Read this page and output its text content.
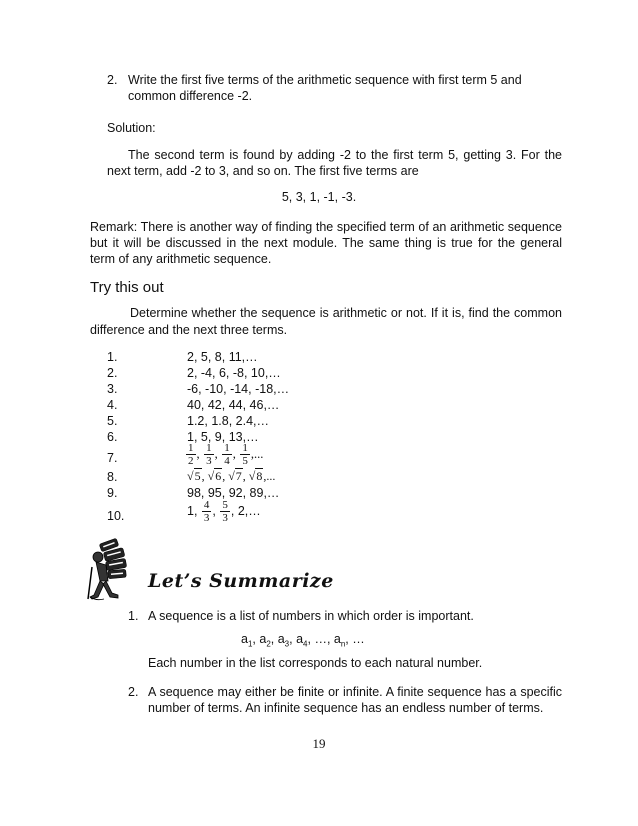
2. Write the first five terms of the arithmetic sequence with first term 5 and
common difference -2.
Solution:
The second term is found by adding -2 to the first term 5, getting 3. For the
next term, add -2 to 3, and so on. The first five terms are
5, 3, 1, -1, -3.
Remark: There is another way of finding the specified term of an arithmetic sequence
but it will be discussed in the next module. The same thing is true for the general
term of any arithmetic sequence.
Try this out
Determine whether the sequence is arithmetic or not. If it is, find the common
difference and the next three terms.
1.	2, 5, 8, 11,…
2.	2, -4, 6, -8, 10,…
3.	-6, -10, -14, -18,…
4.	40, 42, 44, 46,…
5.	1.2, 1.8, 2.4,…
6.	1, 5, 9, 13,…
7.	$\frac{1}{2}$ , $\frac{1}{3}$ , $\frac{1}{4}$ , $\frac{1}{5}$ ,...
8.	√5, √6, √7, √8,...
9.	98, 95, 92, 89,…
10.	1, $\frac{4}{3}$ , $\frac{5}{3}$ , 2,…
Let’s Summarize
1. A sequence is a list of numbers in which order is important.
$a_1$, $a_2$, $a_3$, $a_4$, …, $a_n$, …
Each number in the list corresponds to each natural number.
2. A sequence may either be finite or infinite. A finite sequence has a specific
number of terms. An infinite sequence has an endless number of terms.
19
